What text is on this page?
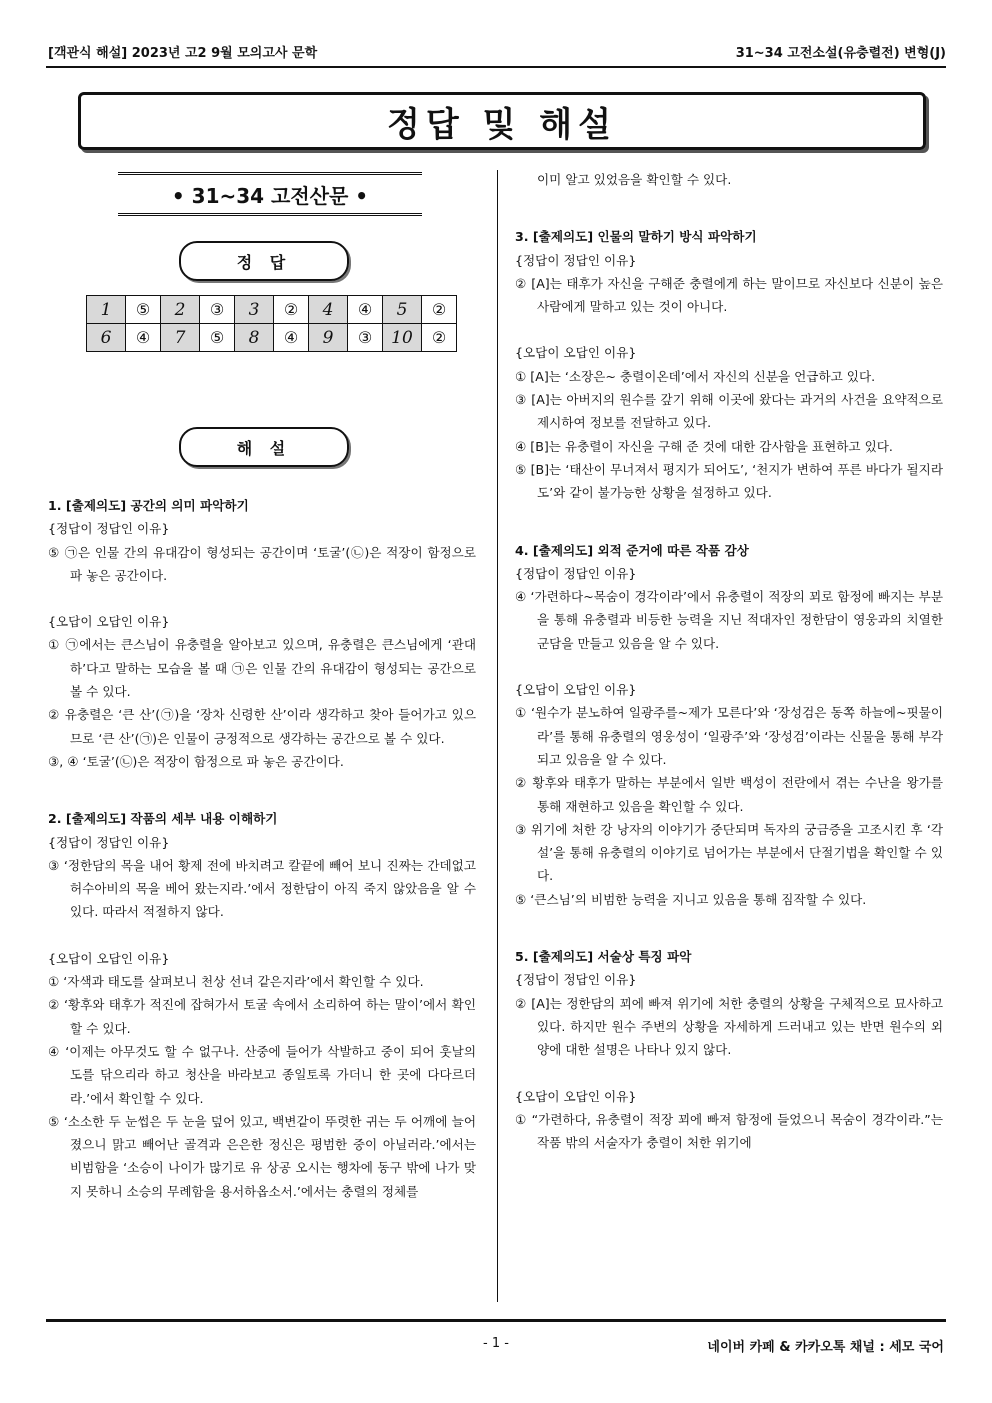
[객관식 해설] 2023년 고2 9월 모의고사 문학	31~34 고전소설(유충렬전) 변형(J)
정답 및 해설
• 31~34 고전산문 •
정 답
1	⑤	2	③	3	②	4	④	5	②
6	④	7	⑤	8	④	9	③	10	②
해 설

1. [출제의도] 공간의 의미 파악하기

{정답이 정답인 이유}

⑤ ㉠은 인물 간의 유대감이 형성되는 공간이며 ‘토굴’(㉡)은 적장이 함정으로 파 놓은 공간이다.

{오답이 오답인 이유}

① ㉠에서는 큰스님이 유충렬을 알아보고 있으며, 유충렬은 큰스님에게 ‘관대하’다고 말하는 모습을 볼 때 ㉠은 인물 간의 유대감이 형성되는 공간으로 볼 수 있다.

② 유충렬은 ‘큰 산’(㉠)을 ‘장차 신령한 산’이라 생각하고 찾아 들어가고 있으므로 ‘큰 산’(㉠)은 인물이 긍정적으로 생각하는 공간으로 볼 수 있다.

③, ④ ‘토굴’(㉡)은 적장이 함정으로 파 놓은 공간이다.

2. [출제의도] 작품의 세부 내용 이해하기

{정답이 정답인 이유}

③ ‘정한담의 목을 내어 황제 전에 바치려고 칼끝에 빼어 보니 진짜는 간데없고 허수아비의 목을 베어 왔는지라.’에서 정한담이 아직 죽지 않았음을 알 수 있다. 따라서 적절하지 않다.

{오답이 오답인 이유}

① ‘자색과 태도를 살펴보니 천상 선녀 같은지라’에서 확인할 수 있다.

② ‘황후와 태후가 적진에 잡혀가서 토굴 속에서 소리하여 하는 말이’에서 확인할 수 있다.

④ ‘이제는 아무것도 할 수 없구나. 산중에 들어가 삭발하고 중이 되어 훗날의 도를 닦으리라 하고 청산을 바라보고 종일토록 가더니 한 곳에 다다르더라.’에서 확인할 수 있다.

⑤ ‘소소한 두 눈썹은 두 눈을 덮어 있고, 백변같이 뚜렷한 귀는 두 어깨에 늘어졌으니 맑고 빼어난 골격과 은은한 정신은 평범한 중이 아닐러라.’에서는 비범함을 ‘소승이 나이가 많기로 유 상공 오시는 행차에 동구 밖에 나가 맞지 못하니 소승의 무례함을 용서하옵소서.’에서는 충렬의 정체를

이미 알고 있었음을 확인할 수 있다.

3. [출제의도] 인물의 말하기 방식 파악하기

{정답이 정답인 이유}

② [A]는 태후가 자신을 구해준 충렬에게 하는 말이므로 자신보다 신분이 높은 사람에게 말하고 있는 것이 아니다.

{오답이 오답인 이유}

① [A]는 ‘소장은~ 충렬이온데’에서 자신의 신분을 언급하고 있다.

③ [A]는 아버지의 원수를 갚기 위해 이곳에 왔다는 과거의 사건을 요약적으로 제시하여 정보를 전달하고 있다.

④ [B]는 유충렬이 자신을 구해 준 것에 대한 감사함을 표현하고 있다.

⑤ [B]는 ‘태산이 무너져서 평지가 되어도’, ‘천지가 변하여 푸른 바다가 될지라도’와 같이 불가능한 상황을 설정하고 있다.

4. [출제의도] 외적 준거에 따른 작품 감상

{정답이 정답인 이유}

④ ‘가련하다~목숨이 경각이라’에서 유충렬이 적장의 꾀로 함정에 빠지는 부분을 통해 유충렬과 비등한 능력을 지닌 적대자인 정한담이 영웅과의 치열한 군담을 만들고 있음을 알 수 있다.

{오답이 오답인 이유}

① ‘원수가 분노하여 일광주를~제가 모른다’와 ‘장성검은 동쪽 하늘에~핏물이라’를 통해 유충렬의 영웅성이 ‘일광주’와 ‘장성검’이라는 신물을 통해 부각되고 있음을 알 수 있다.

② 황후와 태후가 말하는 부분에서 일반 백성이 전란에서 겪는 수난을 왕가를 통해 재현하고 있음을 확인할 수 있다.

③ 위기에 처한 강 낭자의 이야기가 중단되며 독자의 궁금증을 고조시킨 후 ‘각설’을 통해 유충렬의 이야기로 넘어가는 부분에서 단절기법을 확인할 수 있다.

⑤ ‘큰스님’의 비범한 능력을 지니고 있음을 통해 짐작할 수 있다.

5. [출제의도] 서술상 특징 파악

{정답이 정답인 이유}

② [A]는 정한담의 꾀에 빠져 위기에 처한 충렬의 상황을 구체적으로 묘사하고 있다. 하지만 원수 주변의 상황을 자세하게 드러내고 있는 반면 원수의 외양에 대한 설명은 나타나 있지 않다.

{오답이 오답인 이유}

① “가련하다, 유충렬이 적장 꾀에 빠져 함정에 들었으니 목숨이 경각이라.”는 작품 밖의 서술자가 충렬이 처한 위기에

- 1 -	네이버 카페 & 카카오톡 채널 : 세모 국어
